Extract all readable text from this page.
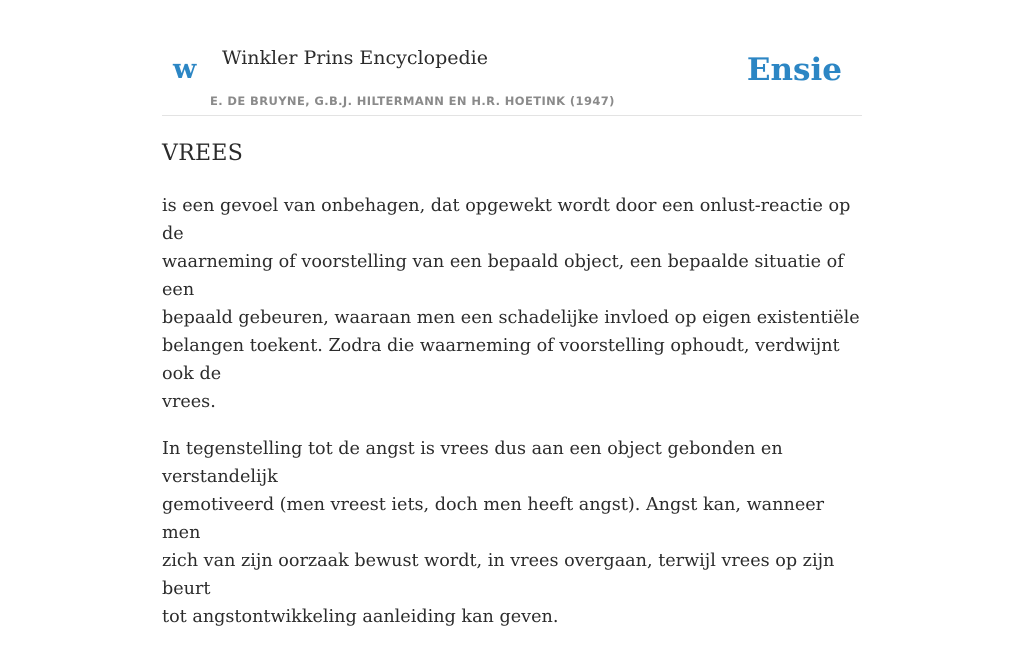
w Winkler Prins Encyclopedie
E. DE BRUYNE, G.B.J. HILTERMANN EN H.R. HOETINK (1947)
Ensie
VREES

is een gevoel van onbehagen, dat opgewekt wordt door een onlust-reactie op de
waarneming of voorstelling van een bepaald object, een bepaalde situatie of een
bepaald gebeuren, waaraan men een schadelijke invloed op eigen existentiële
belangen toekent. Zodra die waarneming of voorstelling ophoudt, verdwijnt ook de
vrees.

In tegenstelling tot de angst is vrees dus aan een object gebonden en verstandelijk
gemotiveerd (men vreest iets, doch men heeft angst). Angst kan, wanneer men
zich van zijn oorzaak bewust wordt, in vrees overgaan, terwijl vrees op zijn beurt
tot angstontwikkeling aanleiding kan geven.
